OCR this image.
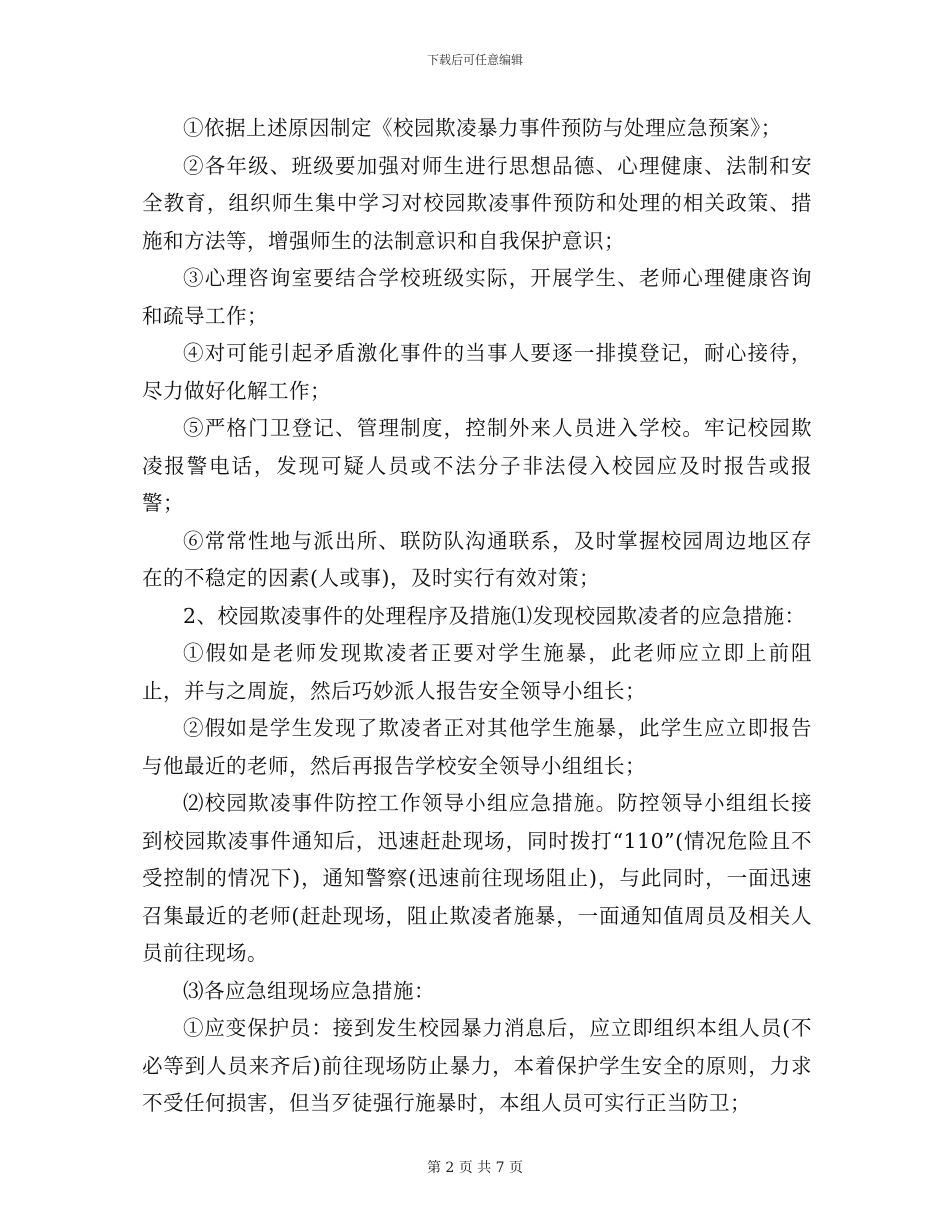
下载后可任意编辑

①依据上述原因制定《校园欺凌暴力事件预防与处理应急预案》；

②各年级、班级要加强对师生进行思想品德、心理健康、法制和安全教育，组织师生集中学习对校园欺凌事件预防和处理的相关政策、措施和方法等，增强师生的法制意识和自我保护意识；

③心理咨询室要结合学校班级实际，开展学生、老师心理健康咨询和疏导工作；

④对可能引起矛盾激化事件的当事人要逐一排摸登记，耐心接待，尽力做好化解工作；

⑤严格门卫登记、管理制度，控制外来人员进入学校。牢记校园欺凌报警电话，发现可疑人员或不法分子非法侵入校园应及时报告或报警；

⑥常常性地与派出所、联防队沟通联系，及时掌握校园周边地区存在的不稳定的因素(人或事)，及时实行有效对策；

2、校园欺凌事件的处理程序及措施⑴发现校园欺凌者的应急措施：

①假如是老师发现欺凌者正要对学生施暴，此老师应立即上前阻止，并与之周旋，然后巧妙派人报告安全领导小组长；

②假如是学生发现了欺凌者正对其他学生施暴，此学生应立即报告与他最近的老师，然后再报告学校安全领导小组组长；

⑵校园欺凌事件防控工作领导小组应急措施。防控领导小组组长接到校园欺凌事件通知后，迅速赶赴现场，同时拨打“110”(情况危险且不受控制的情况下)，通知警察(迅速前往现场阻止)，与此同时，一面迅速召集最近的老师(赶赴现场，阻止欺凌者施暴，一面通知值周员及相关人员前往现场。

⑶各应急组现场应急措施：

①应变保护员：接到发生校园暴力消息后，应立即组织本组人员(不必等到人员来齐后)前往现场防止暴力，本着保护学生安全的原则，力求不受任何损害，但当歹徒强行施暴时，本组人员可实行正当防卫；

第 2 页 共 7 页
